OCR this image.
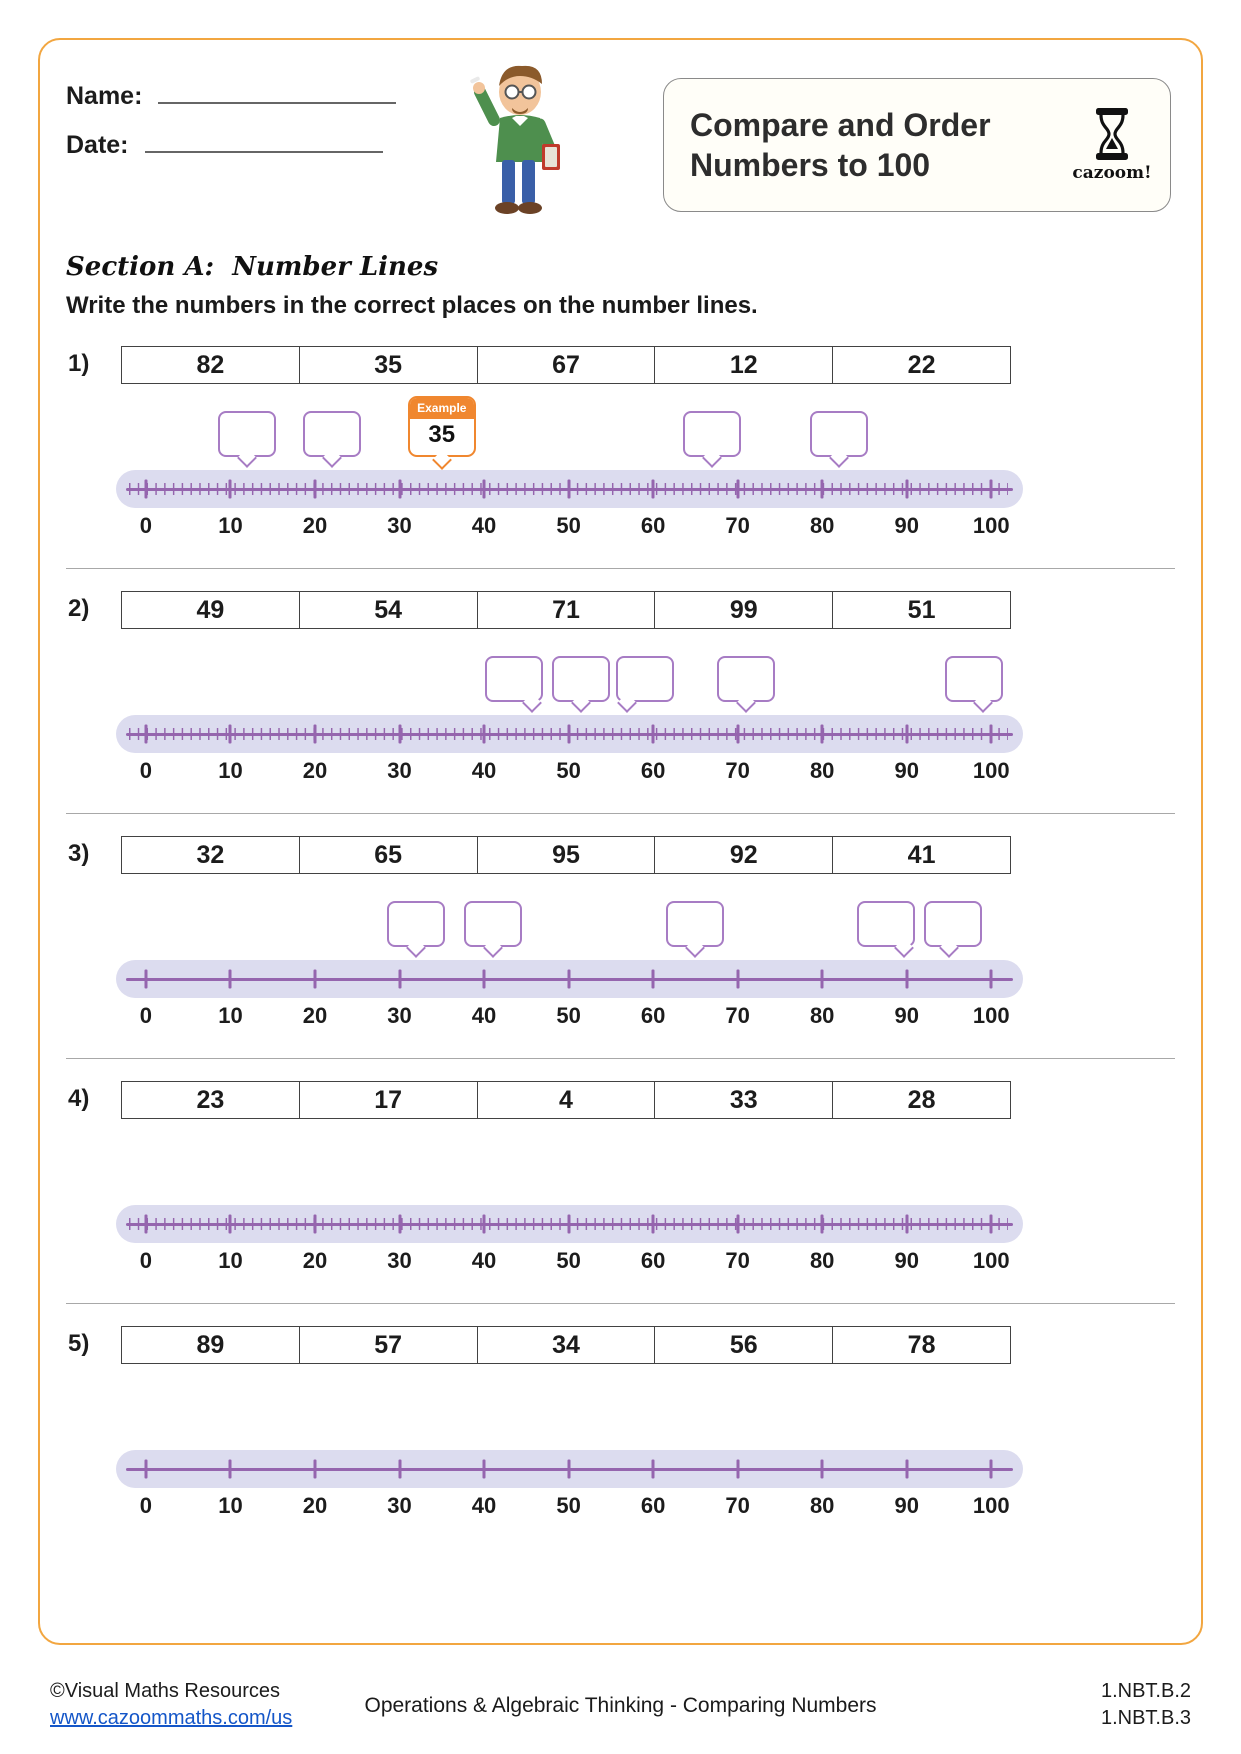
Name:
Date:
Compare and Order
Numbers to 100	cazoom!
Section A:  Number Lines

Write the numbers in the correct places on the number lines.

1)	82	35	67	12	22
Example
35
0	10	20	30	40	50	60	70	80	90 100
2)	49	54	71	99	51
0	10	20	30	40	50	60	70	80	90 100
3)	32	65	95	92	41
0	10	20	30	40	50	60	70	80	90 100
4)	23	17	4	33	28
0	10	20	30	40	50	60	70	80	90 100
5)	89	57	34	56	78
0	10	20	30	40	50	60	70	80	90 100
©Visual Maths Resources
www.cazoommaths.com/us
Operations & Algebraic Thinking - Comparing Numbers
1.NBT.B.2
1.NBT.B.3
